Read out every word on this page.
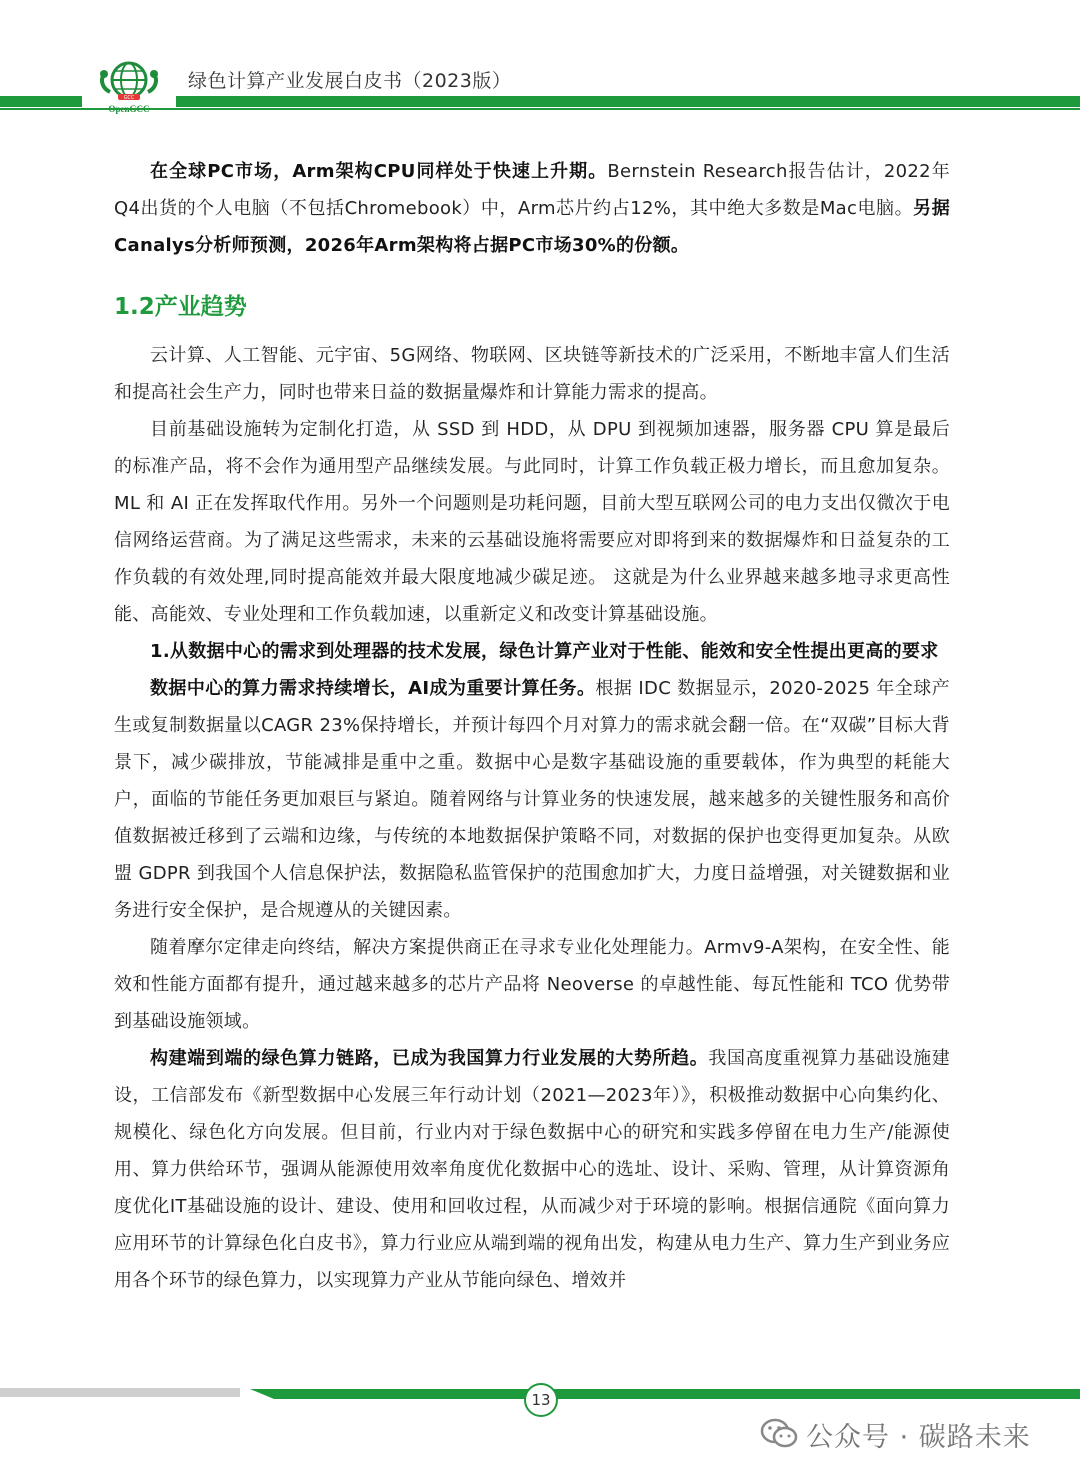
GCC
绿色计算产业发展白皮书（2023版）

在全球PC市场，Arm架构CPU同样处于快速上升期。Bernstein Research报告估计，2022年Q4出货的个人电脑（不包括Chromebook）中，Arm芯片约占12%，其中绝大多数是Mac电脑。另据Canalys分析师预测，2026年Arm架构将占据PC市场30%的份额。

1.2产业趋势

云计算、人工智能、元宇宙、5G网络、物联网、区块链等新技术的广泛采用，不断地丰富人们生活和提高社会生产力，同时也带来日益的数据量爆炸和计算能力需求的提高。

目前基础设施转为定制化打造，从 SSD 到 HDD，从 DPU 到视频加速器，服务器 CPU 算是最后的标准产品，将不会作为通用型产品继续发展。与此同时，计算工作负载正极力增长，而且愈加复杂。ML 和 AI 正在发挥取代作用。另外一个问题则是功耗问题，目前大型互联网公司的电力支出仅微次于电信网络运营商。为了满足这些需求，未来的云基础设施将需要应对即将到来的数据爆炸和日益复杂的工作负载的有效处理,同时提高能效并最大限度地减少碳足迹。 这就是为什么业界越来越多地寻求更高性能、高能效、专业处理和工作负载加速，以重新定义和改变计算基础设施。

1.从数据中心的需求到处理器的技术发展，绿色计算产业对于性能、能效和安全性提出更高的要求

数据中心的算力需求持续增长，AI成为重要计算任务。根据 IDC 数据显示，2020-2025 年全球产生或复制数据量以CAGR 23%保持增长，并预计每四个月对算力的需求就会翻一倍。在“双碳”目标大背景下，减少碳排放，节能减排是重中之重。数据中心是数字基础设施的重要载体，作为典型的耗能大户，面临的节能任务更加艰巨与紧迫。随着网络与计算业务的快速发展，越来越多的关键性服务和高价值数据被迁移到了云端和边缘，与传统的本地数据保护策略不同，对数据的保护也变得更加复杂。从欧盟 GDPR 到我国个人信息保护法，数据隐私监管保护的范围愈加扩大，力度日益增强，对关键数据和业务进行安全保护，是合规遵从的关键因素。

随着摩尔定律走向终结，解决方案提供商正在寻求专业化处理能力。Armv9-A架构，在安全性、能效和性能方面都有提升，通过越来越多的芯片产品将 Neoverse 的卓越性能、每瓦性能和 TCO 优势带到基础设施领域。

构建端到端的绿色算力链路，已成为我国算力行业发展的大势所趋。我国高度重视算力基础设施建设，工信部发布《新型数据中心发展三年行动计划（2021—2023年）》，积极推动数据中心向集约化、规模化、绿色化方向发展。但目前，行业内对于绿色数据中心的研究和实践多停留在电力生产/能源使用、算力供给环节，强调从能源使用效率角度优化数据中心的选址、设计、采购、管理，从计算资源角度优化IT基础设施的设计、建设、使用和回收过程，从而减少对于环境的影响。根据信通院《面向算力应用环节的计算绿色化白皮书》，算力行业应从端到端的视角出发，构建从电力生产、算力生产到业务应用各个环节的绿色算力，以实现算力产业从节能向绿色、增效并

13
公众号 · 碳路未来
